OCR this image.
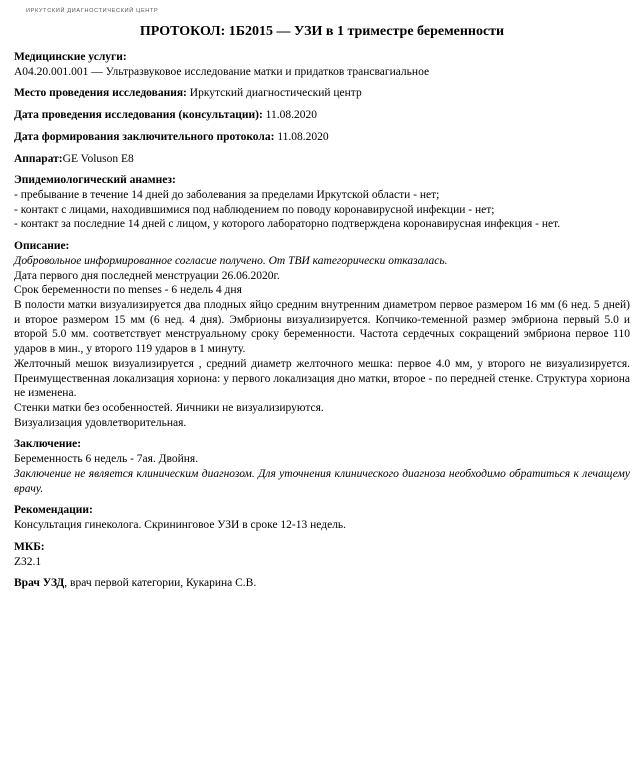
ИРКУТСКИЙ ДИАГНОСТИЧЕСКИЙ ЦЕНТР
ПРОТОКОЛ: 1Б2015 — УЗИ в 1 триместре беременности
Медицинские услуги:
A04.20.001.001 — Ультразвуковое исследование матки и придатков трансвагиальное
Место проведения исследования: Иркутский диагностический центр
Дата проведения исследования (консультации): 11.08.2020
Дата формирования заключительного протокола: 11.08.2020
Аппарат:GE Voluson E8
Эпидемиологический анамнез:
- пребывание в течение 14 дней до заболевания за пределами Иркутской области - нет;
- контакт с лицами, находившимися под наблюдением по поводу коронавирусной инфекции - нет;
- контакт за последние 14 дней с лицом, у которого лабораторно подтверждена коронавирусная инфекция - нет.
Описание:
Добровольное информированное согласие получено. От ТВИ категорически отказалась.
Дата первого дня последней менструации 26.06.2020г.
Срок беременности по menses - 6 недель 4 дня
В полости матки визуализируется два плодных яйцо средним внутренним диаметром первое размером 16 мм (6 нед. 5 дней) и второе размером 15 мм (6 нед. 4 дня). Эмбрионы визуализируется. Копчико-теменной размер эмбриона первый 5.0 и второй 5.0 мм. соответствует менструальному сроку беременности. Частота сердечных сокращений эмбриона первое 110 ударов в мин., у второго 119 ударов в 1 минуту.
Желточный мешок визуализируется , средний диаметр желточного мешка: первое 4.0 мм, у второго не визуализируется. Преимущественная локализация хориона: у первого локализация дно матки, второе - по передней стенке. Структура хориона не изменена.
Стенки матки без особенностей. Яичники не визуализируются.
Визуализация удовлетворительная.
Заключение:
Беременность 6 недель - 7ая. Двойня.
Заключение не является клиническим диагнозом. Для уточнения клинического диагноза необходимо обратиться к лечащему врачу.
Рекомендации:
Консультация гинеколога. Скрининговое УЗИ в сроке 12-13 недель.
МКБ:
Z32.1
Врач УЗД, врач первой категории, Кукарина С.В.
